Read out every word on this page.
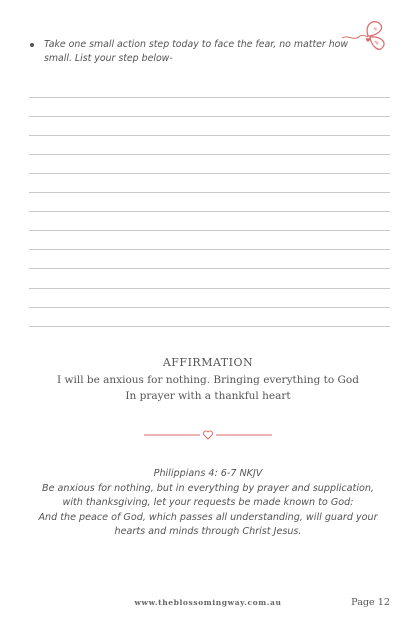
Take one small action step today to face the fear, no matter how small. List your step below-
AFFIRMATION
I will be anxious for nothing. Bringing everything to God
In prayer with a thankful heart
Philippians 4: 6-7 NKJV
Be anxious for nothing, but in everything by prayer and supplication,
with thanksgiving, let your requests be made known to God:
And the peace of God, which passes all understanding, will guard your
hearts and minds through Christ Jesus.
www.theblossomingway.com.au	Page 12
